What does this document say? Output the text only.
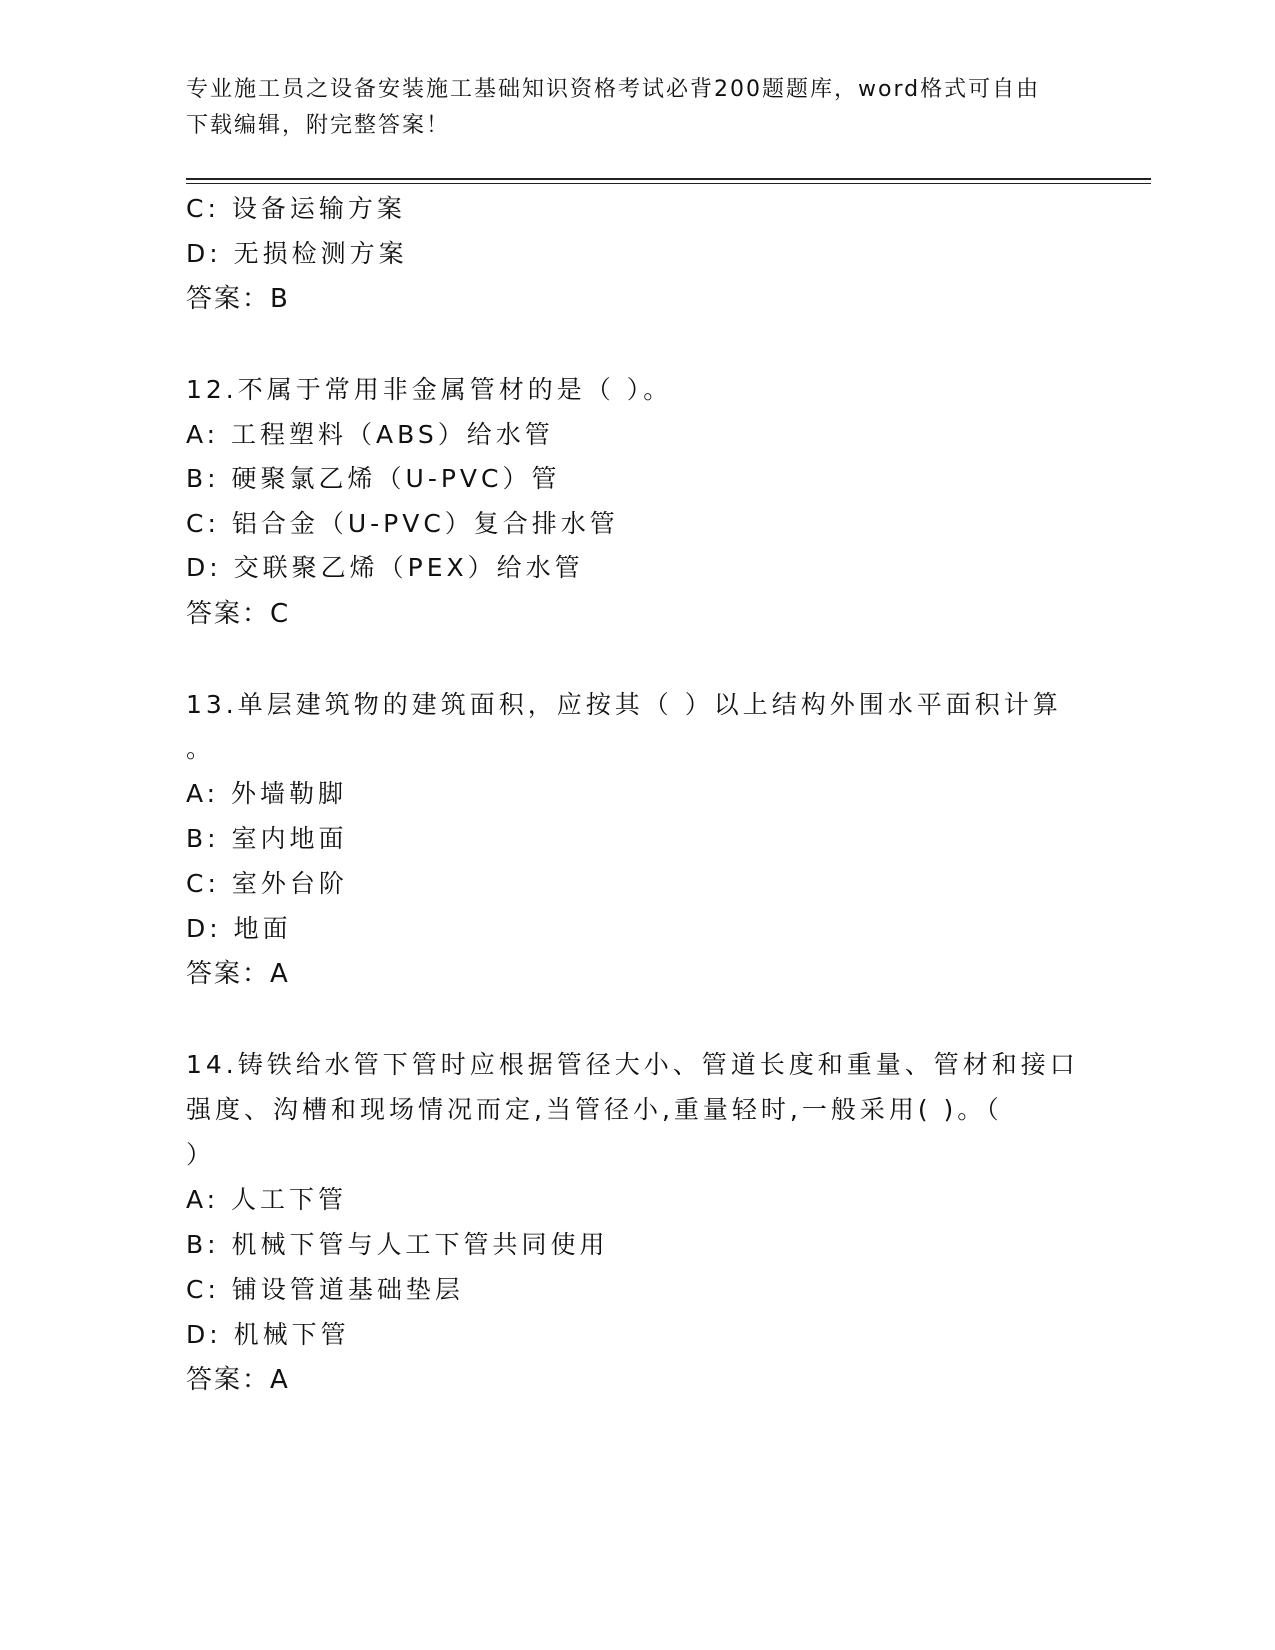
专业施工员之设备安装施工基础知识资格考试必背200题题库，word格式可自由
下载编辑，附完整答案！
C: 设备运输方案
D: 无损检测方案
答案：B
12.不属于常用非金属管材的是（ ）。
A: 工程塑料（ABS）给水管
B: 硬聚氯乙烯（U-PVC）管
C: 铝合金（U-PVC）复合排水管
D: 交联聚乙烯（PEX）给水管
答案：C
13.单层建筑物的建筑面积，应按其（ ）以上结构外围水平面积计算
。
A: 外墙勒脚
B: 室内地面
C: 室外台阶
D: 地面
答案：A
14.铸铁给水管下管时应根据管径大小、管道长度和重量、管材和接口
强度、沟槽和现场情况而定,当管径小,重量轻时,一般采用( )。（
）
A: 人工下管
B: 机械下管与人工下管共同使用
C: 铺设管道基础垫层
D: 机械下管
答案：A
